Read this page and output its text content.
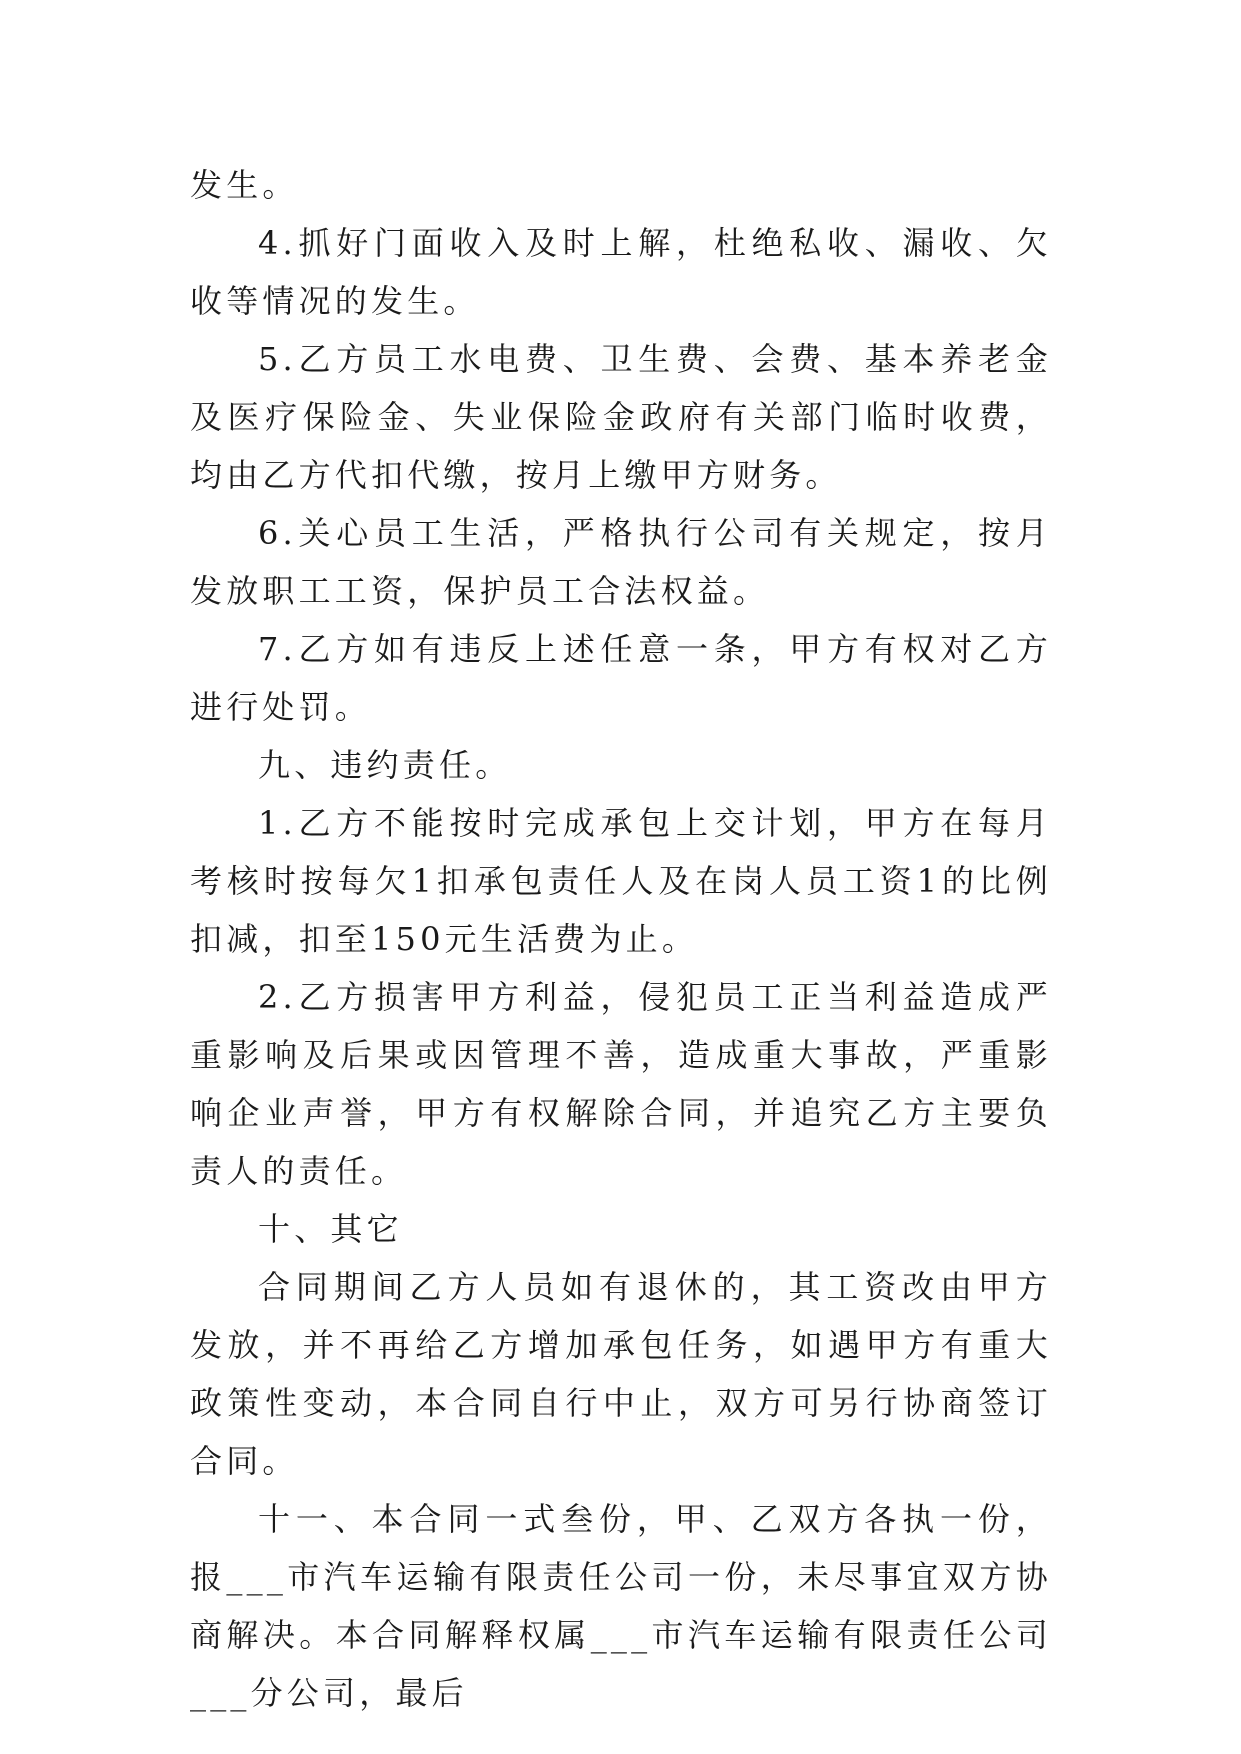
发生。

4.抓好门面收入及时上解，杜绝私收、漏收、欠收等情况的发生。

5.乙方员工水电费、卫生费、会费、基本养老金及医疗保险金、失业保险金政府有关部门临时收费，均由乙方代扣代缴，按月上缴甲方财务。

6.关心员工生活，严格执行公司有关规定，按月发放职工工资，保护员工合法权益。

7.乙方如有违反上述任意一条，甲方有权对乙方进行处罚。

九、违约责任。

1.乙方不能按时完成承包上交计划，甲方在每月考核时按每欠1扣承包责任人及在岗人员工资1的比例扣减，扣至150元生活费为止。

2.乙方损害甲方利益，侵犯员工正当利益造成严重影响及后果或因管理不善，造成重大事故，严重影响企业声誉，甲方有权解除合同，并追究乙方主要负责人的责任。

十、其它

合同期间乙方人员如有退休的，其工资改由甲方发放，并不再给乙方增加承包任务，如遇甲方有重大政策性变动，本合同自行中止，双方可另行协商签订合同。

十一、本合同一式叁份，甲、乙双方各执一份，报___市汽车运输有限责任公司一份，未尽事宜双方协商解决。本合同解释权属___市汽车运输有限责任公司___分公司，最后
